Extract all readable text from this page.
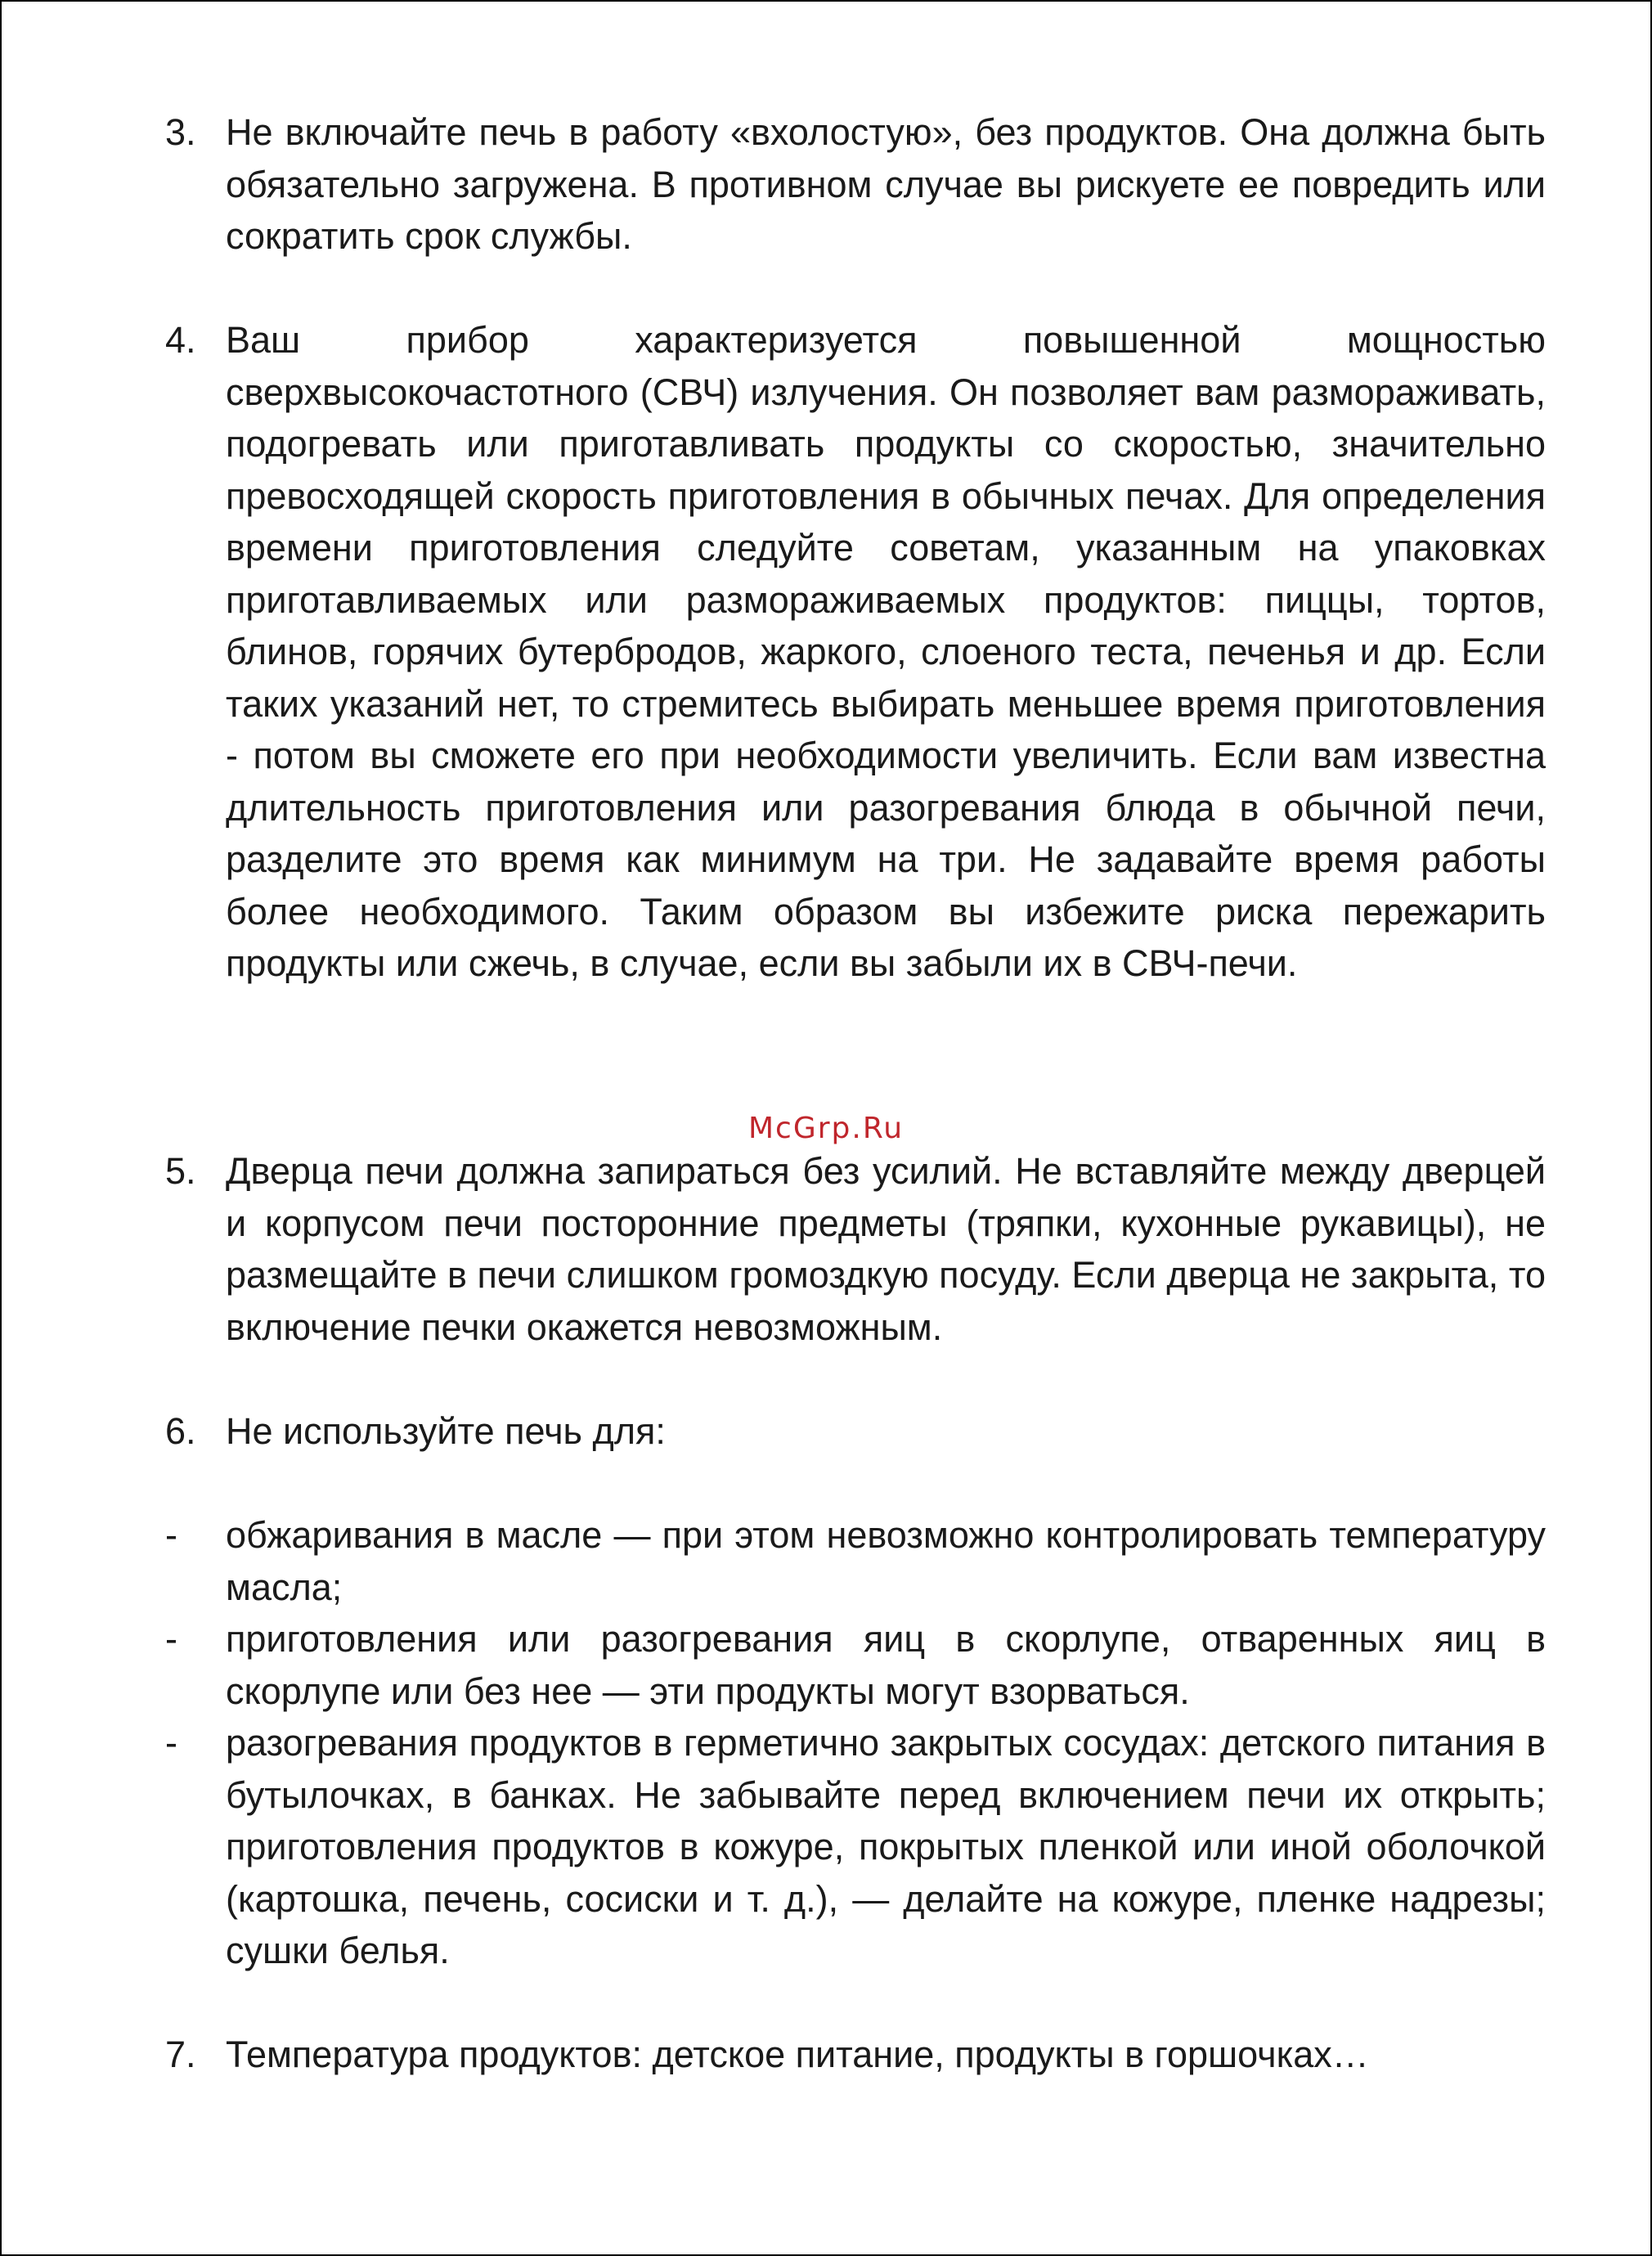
3. Не включайте печь в работу «вхолостую», без продуктов. Она должна быть обязательно загружена. В противном случае вы рискуете ее повредить или сократить срок службы.
4. Ваш прибор характеризуется повышенной мощностью сверхвысокочастотного (СВЧ) излучения. Он позволяет вам размораживать, подогревать или приготавливать продукты со скоростью, значительно превосходящей скорость приготовления в обычных печах. Для определения времени приготовления следуйте советам, указанным на упаковках приготавливаемых или размораживаемых продуктов: пиццы, тортов, блинов, горячих бутербродов, жаркого, слоеного теста, печенья и др. Если таких указаний нет, то стремитесь выбирать меньшее время приготовления - потом вы сможете его при необходимости увеличить. Если вам известна длительность приготовления или разогревания блюда в обычной печи, разделите это время как минимум на три. Не задавайте время работы более необходимого. Таким образом вы избежите риска пережарить продукты или сжечь, в случае, если вы забыли их в СВЧ-печи.
McGrp.Ru
5. Дверца печи должна запираться без усилий. Не вставляйте между дверцей и корпусом печи посторонние предметы (тряпки, кухонные рукавицы), не размещайте в печи слишком громоздкую посуду. Если дверца не закрыта, то включение печки окажется невозможным.
6. Не используйте печь для:
-	обжаривания в масле — при этом невозможно контролировать температуру масла;
-	приготовления или разогревания яиц в скорлупе, отваренных яиц в скорлупе или без нее — эти продукты могут взорваться.
-	разогревания продуктов в герметично закрытых сосудах: детского питания в бутылочках, в банках. Не забывайте перед включением печи их открыть; приготовления продуктов в кожуре, покрытых пленкой или иной оболочкой (картошка, печень, сосиски и т. д.), — делайте на кожуре, пленке надрезы; сушки белья.
7. Температура продуктов: детское питание, продукты в горшочках…
